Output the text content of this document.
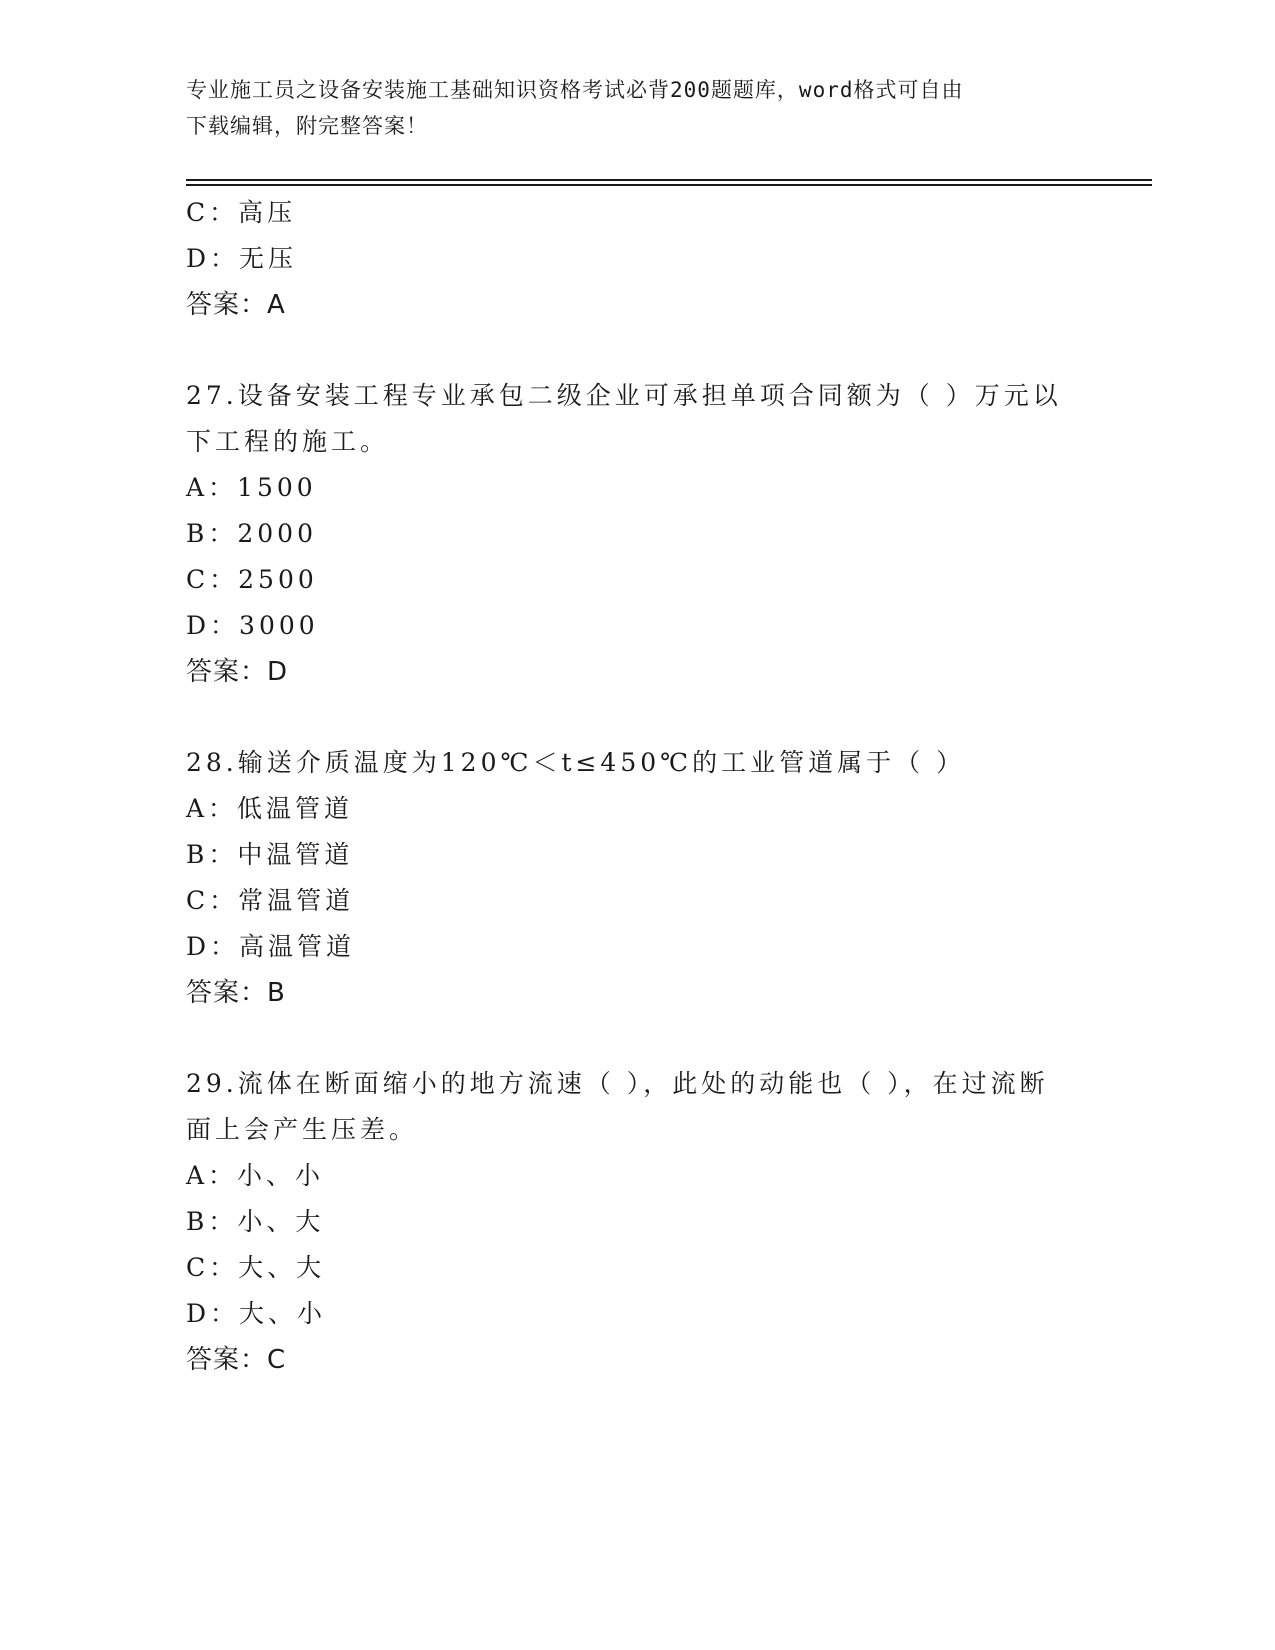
专业施工员之设备安装施工基础知识资格考试必背200题题库，word格式可自由
下载编辑，附完整答案！
C：高压
D：无压
答案：A
27.设备安装工程专业承包二级企业可承担单项合同额为（ ）万元以
下工程的施工。
A：1500
B：2000
C：2500
D：3000
答案：D
28.输送介质温度为120℃＜t≤450℃的工业管道属于（ ）
A：低温管道
B：中温管道
C：常温管道
D：高温管道
答案：B
29.流体在断面缩小的地方流速（ ），此处的动能也（ ），在过流断
面上会产生压差。
A：小、小
B：小、大
C：大、大
D：大、小
答案：C
